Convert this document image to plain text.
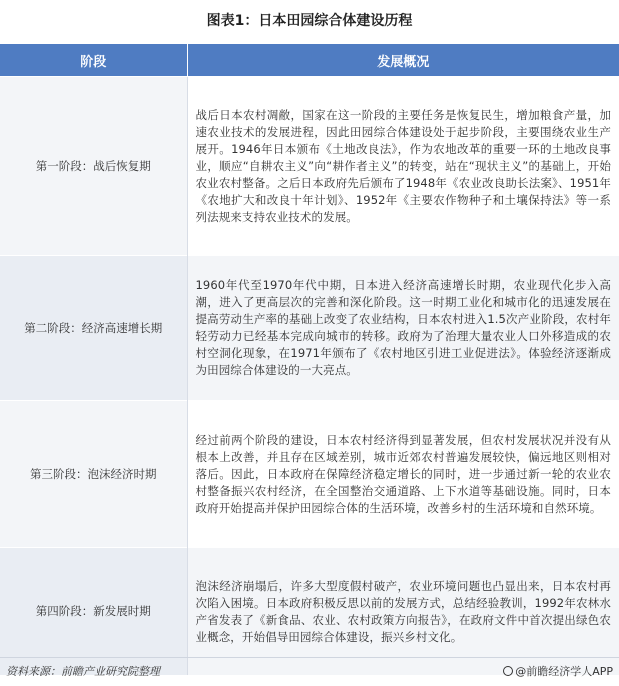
图表1：日本田园综合体建设历程
阶段	发展概况
第一阶段：战后恢复期	战后日本农村凋敝，国家在这一阶段的主要任务是恢复民生，增加粮食产量，加速农业技术的发展进程，因此田园综合体建设处于起步阶段，主要围绕农业生产展开。1946年日本颁布《土地改良法》，作为农地改革的重要一环的土地改良事业，顺应“自耕农主义”向“耕作者主义”的转变，站在“现状主义”的基础上，开始农业农村整备。之后日本政府先后颁布了1948年《农业改良助长法案》、1951年《农地扩大和改良十年计划》、1952年《主要农作物种子和土壤保持法》等一系列法规来支持农业技术的发展。
第二阶段：经济高速增长期	1960年代至1970年代中期，日本进入经济高速增长时期，农业现代化步入高潮，进入了更高层次的完善和深化阶段。这一时期工业化和城市化的迅速发展在提高劳动生产率的基础上改变了农业结构，日本农村进入1.5次产业阶段，农村年轻劳动力已经基本完成向城市的转移。政府为了治理大量农业人口外移造成的农村空洞化现象，在1971年颁布了《农村地区引进工业促进法》。体验经济逐渐成为田园综合体建设的一大亮点。
第三阶段：泡沫经济时期	经过前两个阶段的建设，日本农村经济得到显著发展，但农村发展状况并没有从根本上改善，并且存在区域差别，城市近郊农村普遍发展较快，偏远地区则相对落后。因此，日本政府在保障经济稳定增长的同时，进一步通过新一轮的农业农村整备振兴农村经济，在全国整治交通道路、上下水道等基础设施。同时，日本政府开始提高并保护田园综合体的生活环境，改善乡村的生活环境和自然环境。
第四阶段：新发展时期	泡沫经济崩塌后，许多大型度假村破产，农业环境问题也凸显出来，日本农村再次陷入困境。日本政府积极反思以前的发展方式，总结经验教训，1992年农林水产省发表了《新食品、农业、农村政策方向报告》，在政府文件中首次提出绿色农业概念，开始倡导田园综合体建设，振兴乡村文化。
资料来源：前瞻产业研究院整理	@前瞻经济学人APP
